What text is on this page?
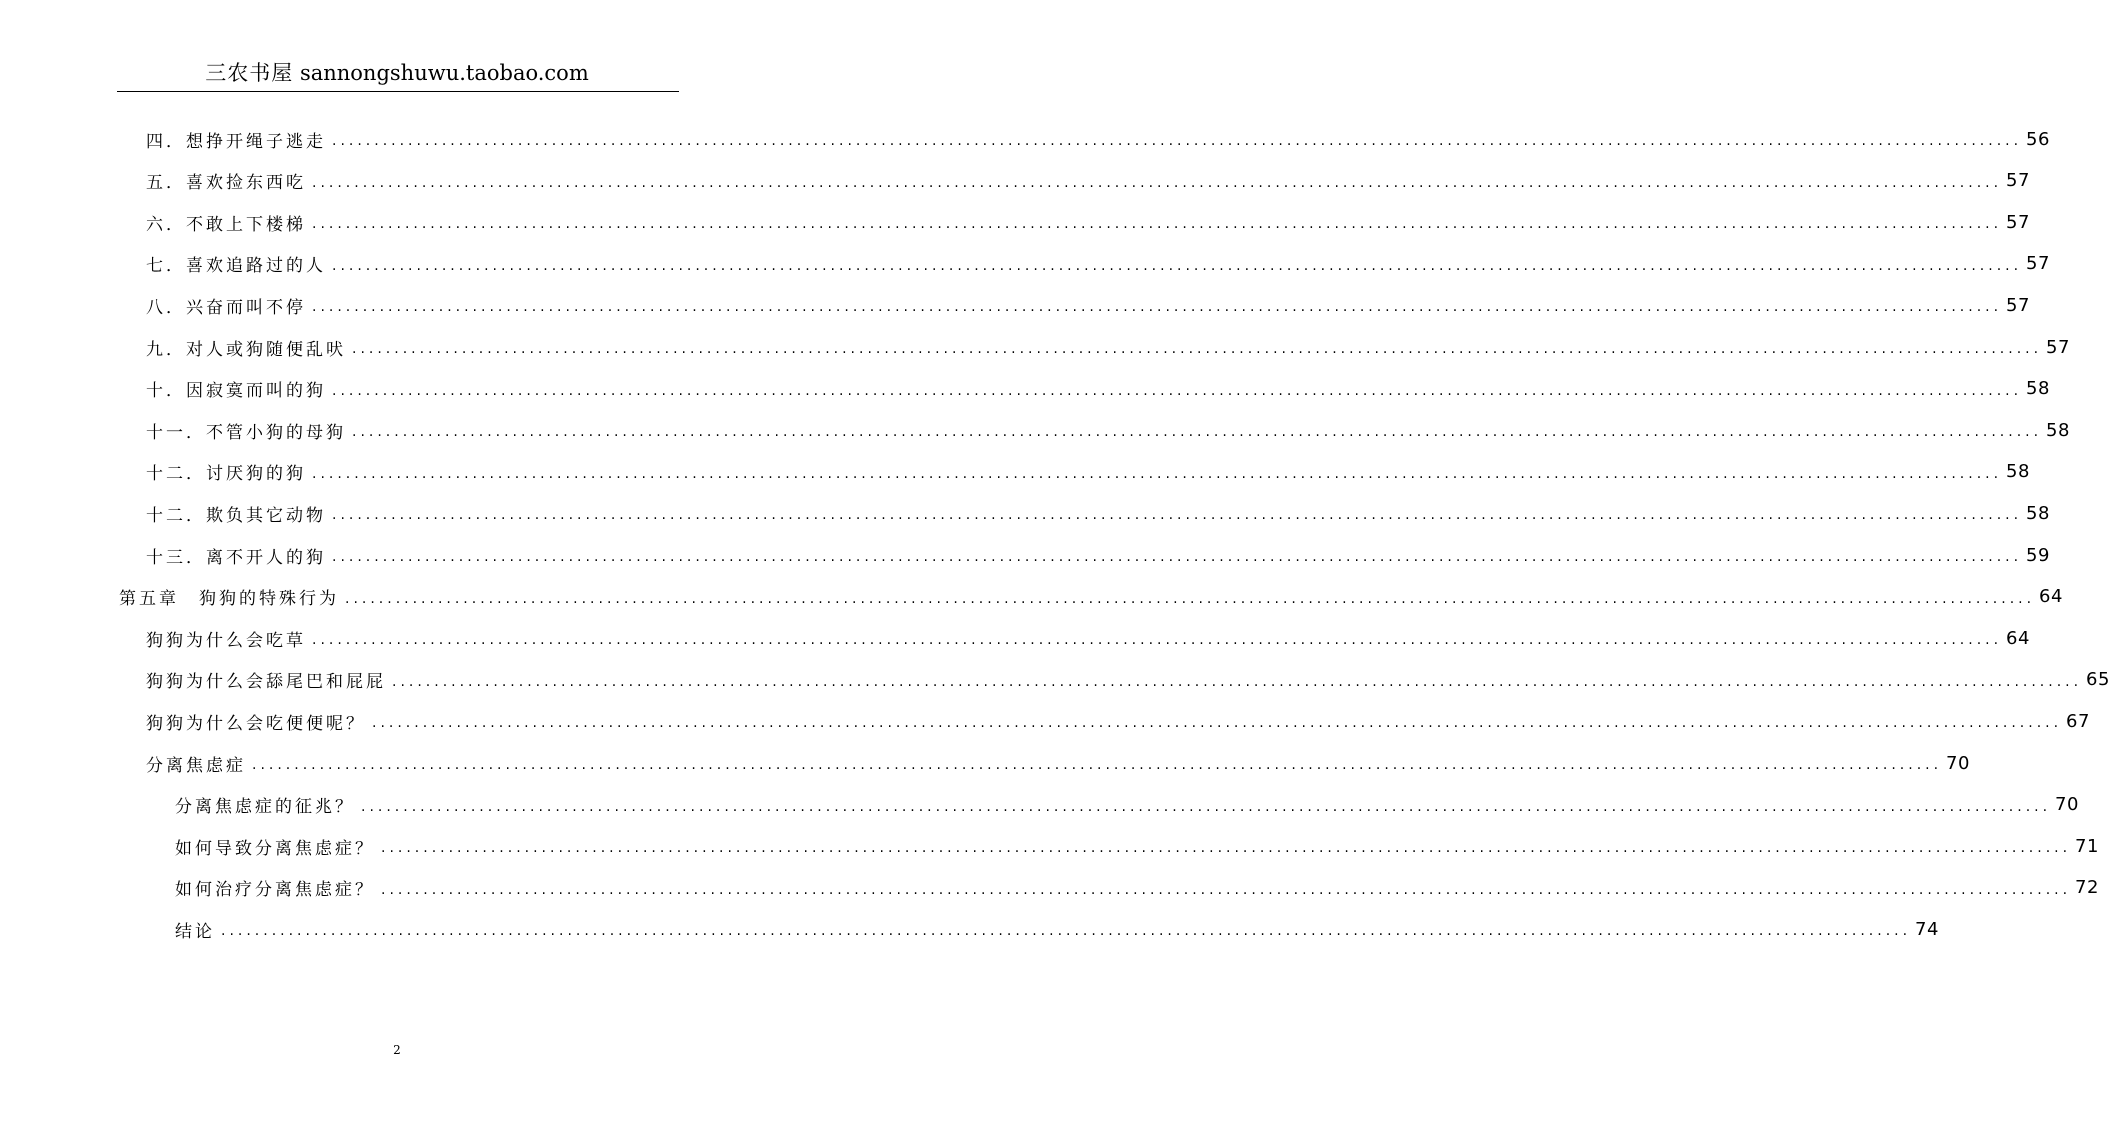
三农书屋 sannongshuwu.taobao.com
四．想挣开绳子逃走 ........................................................................................................................................................................................................ 56
五．喜欢捡东西吃 ........................................................................................................................................................................................................ 57
六．不敢上下楼梯 ........................................................................................................................................................................................................ 57
七．喜欢追路过的人 ........................................................................................................................................................................................................ 57
八．兴奋而叫不停 ........................................................................................................................................................................................................ 57
九．对人或狗随便乱吠 ........................................................................................................................................................................................................ 57
十．因寂寞而叫的狗 ........................................................................................................................................................................................................ 58
十一．不管小狗的母狗 ........................................................................................................................................................................................................ 58
十二．讨厌狗的狗 ........................................................................................................................................................................................................ 58
十二．欺负其它动物 ........................................................................................................................................................................................................ 58
十三．离不开人的狗 ........................................................................................................................................................................................................ 59
第五章　狗狗的特殊行为 ........................................................................................................................................................................................................ 64
狗狗为什么会吃草 ........................................................................................................................................................................................................ 64
狗狗为什么会舔尾巴和屁屁 ........................................................................................................................................................................................................ 65
狗狗为什么会吃便便呢？ ........................................................................................................................................................................................................ 67
分离焦虑症 ........................................................................................................................................................................................................ 70
分离焦虑症的征兆？ ........................................................................................................................................................................................................ 70
如何导致分离焦虑症？ ........................................................................................................................................................................................................ 71
如何治疗分离焦虑症？ ........................................................................................................................................................................................................ 72
结论 ........................................................................................................................................................................................................ 74
2
